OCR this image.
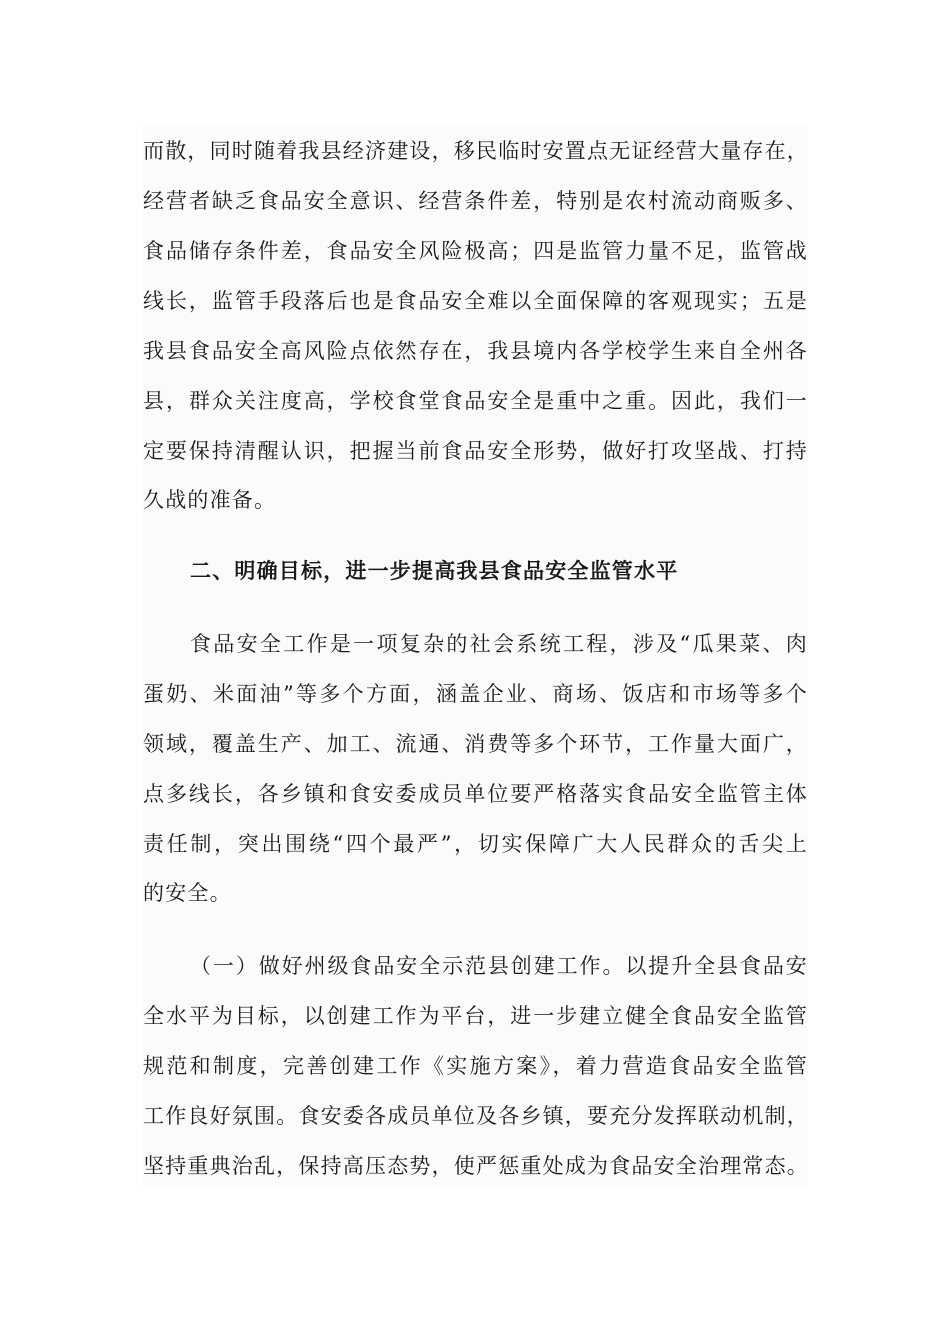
而散，同时随着我县经济建设，移民临时安置点无证经营大量存在，
经营者缺乏食品安全意识、经营条件差，特别是农村流动商贩多、
食品储存条件差，食品安全风险极高；四是监管力量不足，监管战
线长，监管手段落后也是食品安全难以全面保障的客观现实；五是
我县食品安全高风险点依然存在，我县境内各学校学生来自全州各
县，群众关注度高，学校食堂食品安全是重中之重。因此，我们一
定要保持清醒认识，把握当前食品安全形势，做好打攻坚战、打持
久战的准备。
二、明确目标，进一步提高我县食品安全监管水平
食品安全工作是一项复杂的社会系统工程，涉及“瓜果菜、肉
蛋奶、米面油”等多个方面，涵盖企业、商场、饭店和市场等多个
领域，覆盖生产、加工、流通、消费等多个环节，工作量大面广，
点多线长，各乡镇和食安委成员单位要严格落实食品安全监管主体
责任制，突出围绕“四个最严”，切实保障广大人民群众的舌尖上
的安全。
（一）做好州级食品安全示范县创建工作。以提升全县食品安
全水平为目标，以创建工作为平台，进一步建立健全食品安全监管
规范和制度，完善创建工作《实施方案》，着力营造食品安全监管
工作良好氛围。食安委各成员单位及各乡镇，要充分发挥联动机制，
坚持重典治乱，保持高压态势，使严惩重处成为食品安全治理常态。
